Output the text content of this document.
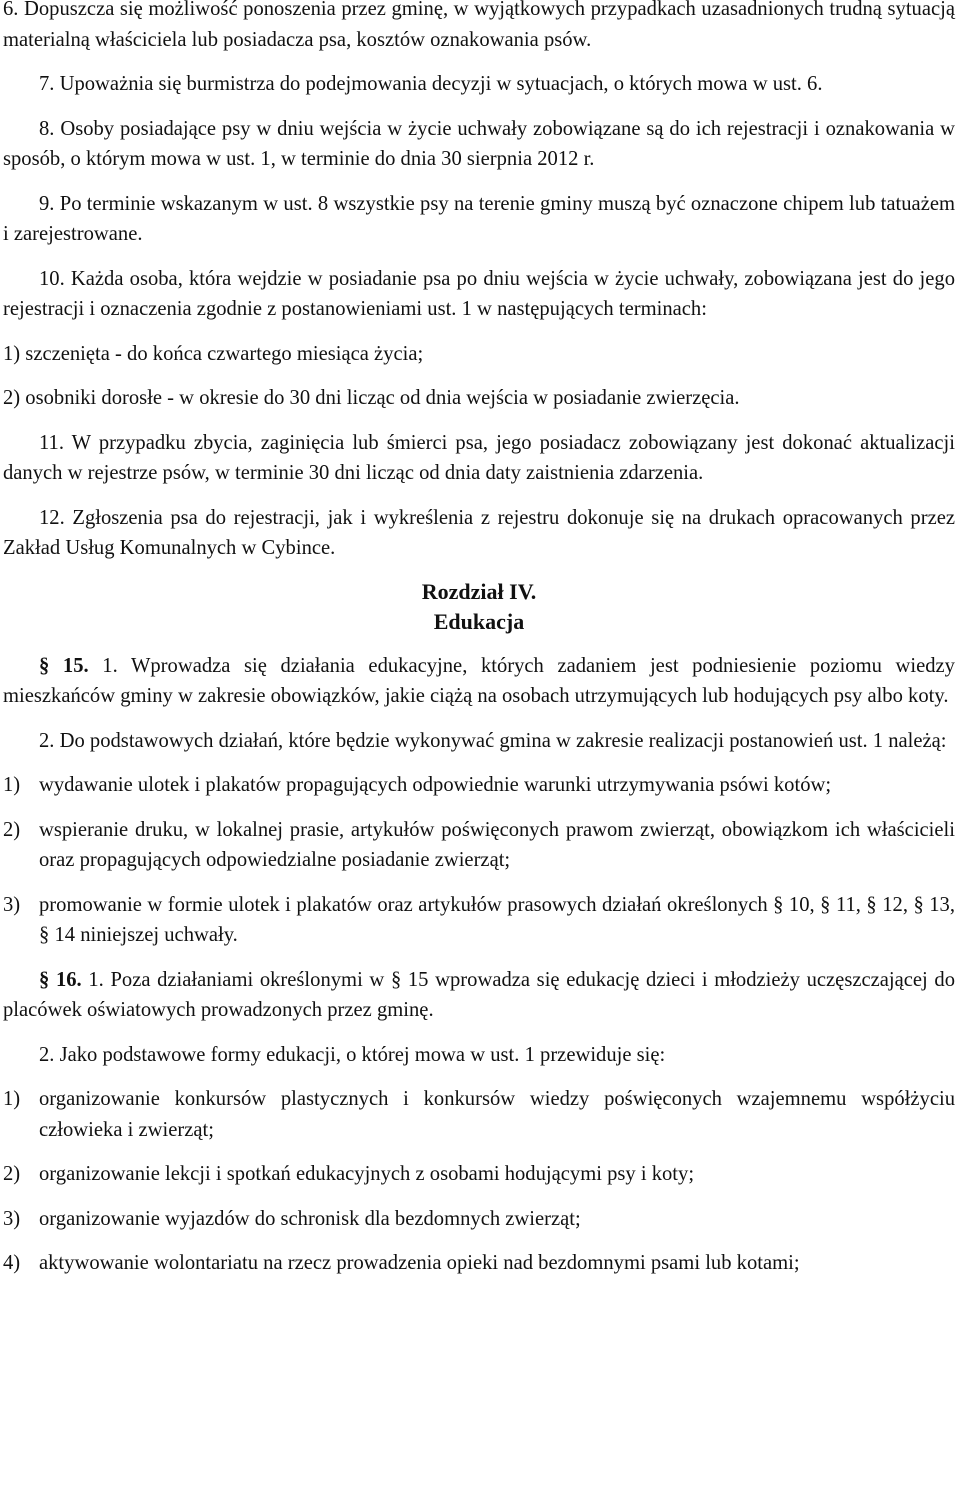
6. Dopuszcza się możliwość ponoszenia przez gminę, w wyjątkowych przypadkach uzasadnionych trudną sytuacją materialną właściciela lub posiadacza psa, kosztów oznakowania psów.

7. Upoważnia się burmistrza do podejmowania decyzji w sytuacjach, o których mowa w ust. 6.

8. Osoby posiadające psy w dniu wejścia w życie uchwały zobowiązane są do ich rejestracji i oznakowania w sposób, o którym mowa w ust. 1, w terminie do dnia 30 sierpnia 2012 r.

9. Po terminie wskazanym w ust. 8 wszystkie psy na terenie gminy muszą być oznaczone chipem lub tatuażem i zarejestrowane.

10. Każda osoba, która wejdzie w posiadanie psa po dniu wejścia w życie uchwały, zobowiązana jest do jego rejestracji i oznaczenia zgodnie z postanowieniami ust. 1 w następujących terminach:

1) szczenięta - do końca czwartego miesiąca życia;

2) osobniki dorosłe - w okresie do 30 dni licząc od dnia wejścia w posiadanie zwierzęcia.

11. W przypadku zbycia, zaginięcia lub śmierci psa, jego posiadacz zobowiązany jest dokonać aktualizacji danych w rejestrze psów, w terminie 30 dni licząc od dnia daty zaistnienia zdarzenia.

12. Zgłoszenia psa do rejestracji, jak i wykreślenia z rejestru dokonuje się na drukach opracowanych przez Zakład Usług Komunalnych w Cybince.

Rozdział IV.
Edukacja

§ 15. 1. Wprowadza się działania edukacyjne, których zadaniem jest podniesienie poziomu wiedzy mieszkańców gminy w zakresie obowiązków, jakie ciążą na osobach utrzymujących lub hodujących psy albo koty.

2. Do podstawowych działań, które będzie wykonywać gmina w zakresie realizacji postanowień ust. 1 należą:

1) wydawanie ulotek i plakatów propagujących odpowiednie warunki utrzymywania psówi kotów;
2) wspieranie druku, w lokalnej prasie, artykułów poświęconych prawom zwierząt, obowiązkom ich właścicieli oraz propagujących odpowiedzialne posiadanie zwierząt;
3) promowanie w formie ulotek i plakatów oraz artykułów prasowych działań określonych § 10, § 11, § 12, § 13, § 14 niniejszej uchwały.

§ 16. 1. Poza działaniami określonymi w § 15 wprowadza się edukację dzieci i młodzieży uczęszczającej do placówek oświatowych prowadzonych przez gminę.

2. Jako podstawowe formy edukacji, o której mowa w ust. 1 przewiduje się:

1) organizowanie konkursów plastycznych i konkursów wiedzy poświęconych wzajemnemu współżyciu człowieka i zwierząt;
2) organizowanie lekcji i spotkań edukacyjnych z osobami hodującymi psy i koty;
3) organizowanie wyjazdów do schronisk dla bezdomnych zwierząt;
4) aktywowanie wolontariatu na rzecz prowadzenia opieki nad bezdomnymi psami lub kotami;
